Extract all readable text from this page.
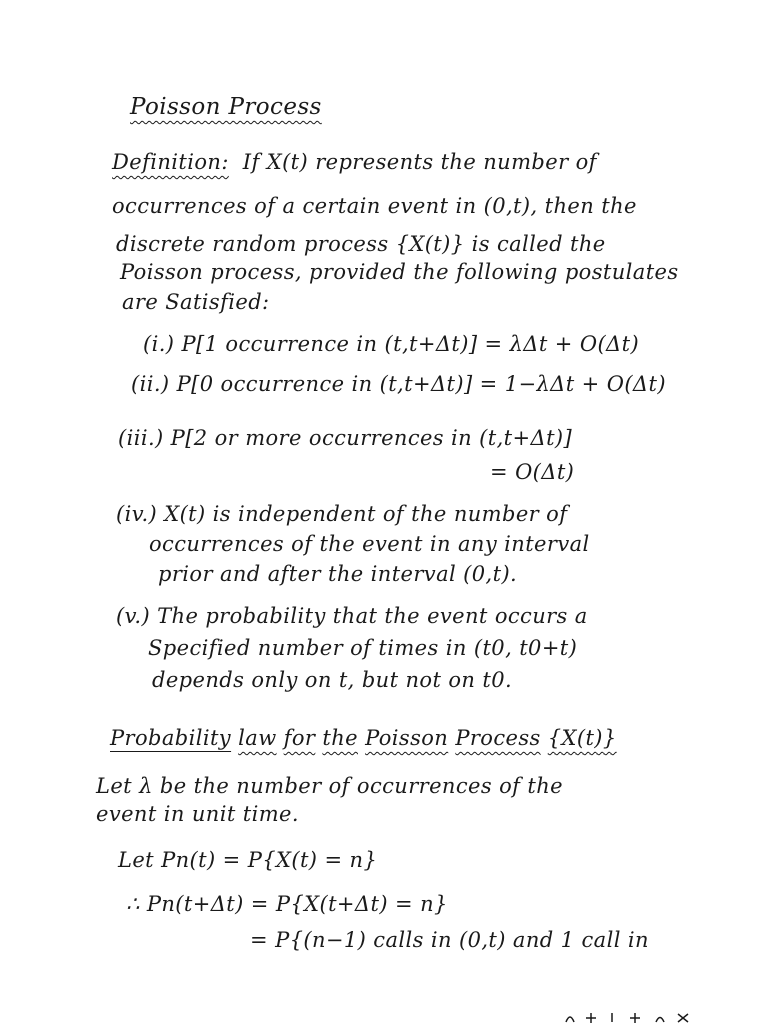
Poisson Process
Definition: If X(t) represents the number of
occurrences of a certain event in (0,t), then the
discrete random process {X(t)} is called the
Poisson process, provided the following postulates
are Satisfied:
(i.) P[1 occurrence in (t,t+Δt)] = λΔt + O(Δt)
(ii.) P[0 occurrence in (t,t+Δt)] = 1−λΔt + O(Δt)
(iii.) P[2 or more occurrences in (t,t+Δt)]
= O(Δt)
(iv.) X(t) is independent of the number of
occurrences of the event in any interval
prior and after the interval (0,t).
(v.) The probability that the event occurs a
Specified number of times in (t0, t0+t)
depends only on t, but not on t0.
Probability law for the Poisson Process {X(t)}
Let λ be the number of occurrences of the
event in unit time.
Let Pn(t) = P{X(t) = n}
∴ Pn(t+Δt) = P{X(t+Δt) = n}
= P{(n−1) calls in (0,t) and 1 call in
